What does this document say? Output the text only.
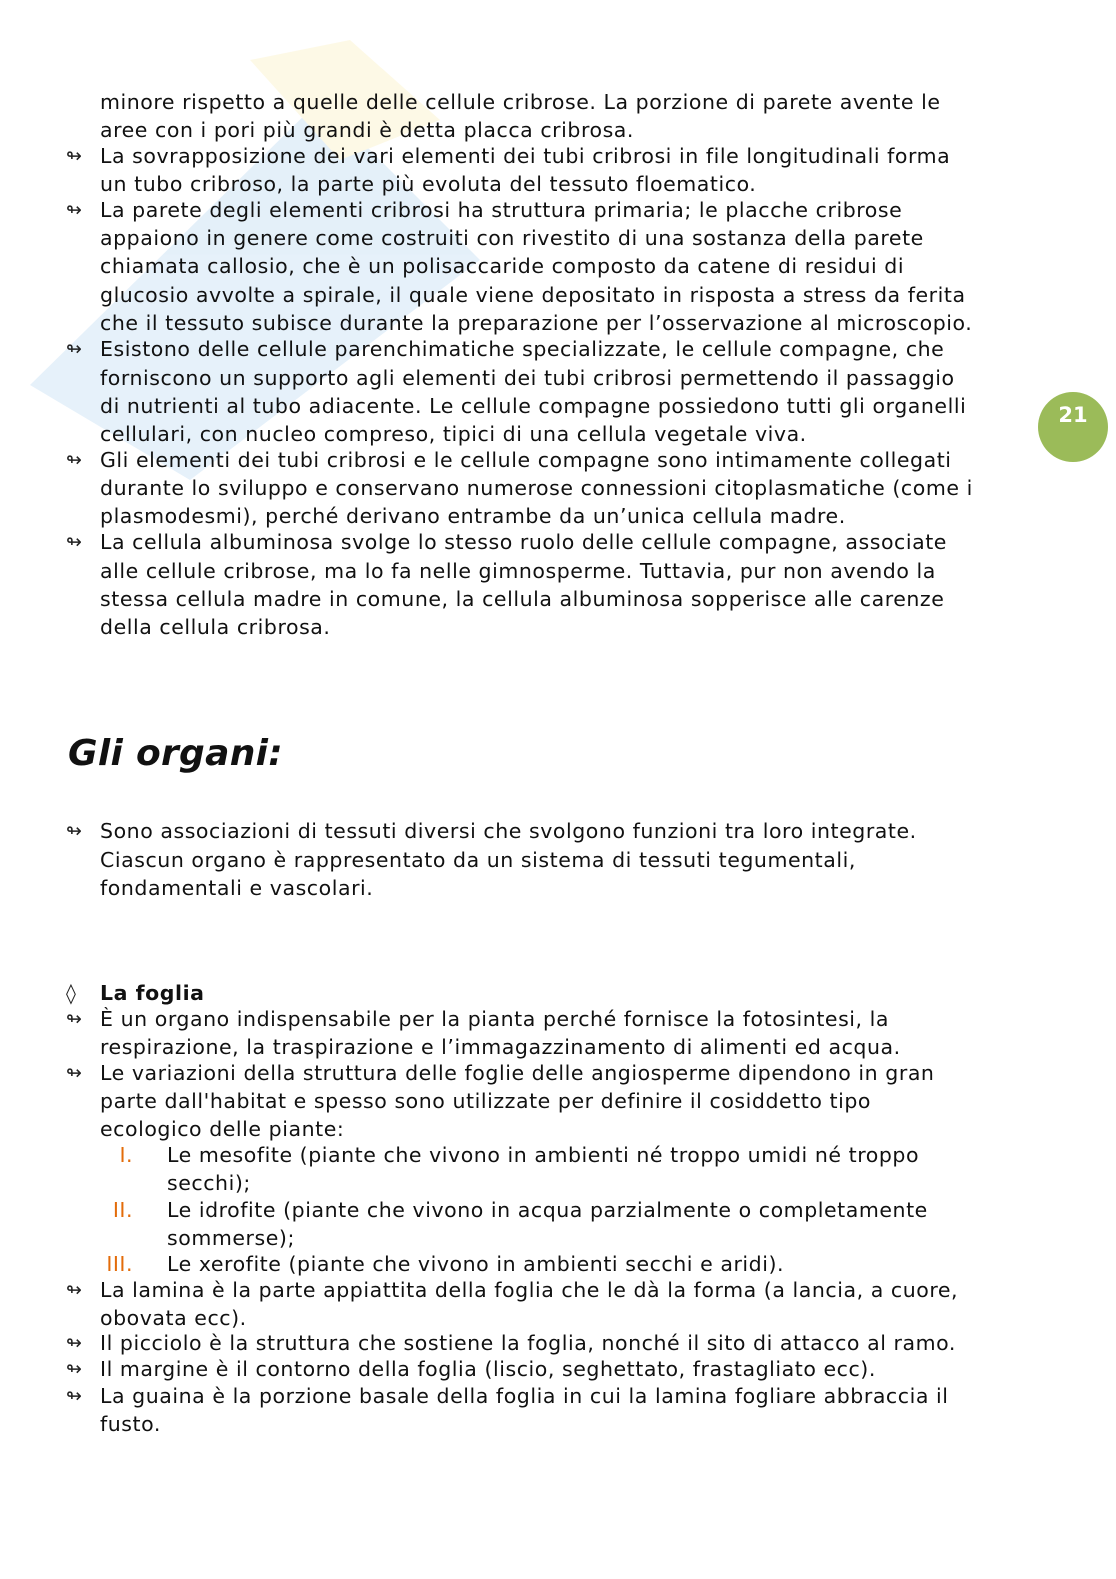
21
minore rispetto a quelle delle cellule cribrose. La porzione di parete avente le
aree con i pori più grandi è detta placca cribrosa.
↬ La sovrapposizione dei vari elementi dei tubi cribrosi in file longitudinali forma
un tubo cribroso, la parte più evoluta del tessuto floematico.
↬ La parete degli elementi cribrosi ha struttura primaria; le placche cribrose
appaiono in genere come costruiti con rivestito di una sostanza della parete
chiamata callosio, che è un polisaccaride composto da catene di residui di
glucosio avvolte a spirale, il quale viene depositato in risposta a stress da ferita
che il tessuto subisce durante la preparazione per l’osservazione al microscopio.
↬ Esistono delle cellule parenchimatiche specializzate, le cellule compagne, che
forniscono un supporto agli elementi dei tubi cribrosi permettendo il passaggio
di nutrienti al tubo adiacente. Le cellule compagne possiedono tutti gli organelli
cellulari, con nucleo compreso, tipici di una cellula vegetale viva.
↬ Gli elementi dei tubi cribrosi e le cellule compagne sono intimamente collegati
durante lo sviluppo e conservano numerose connessioni citoplasmatiche (come i
plasmodesmi), perché derivano entrambe da un’unica cellula madre.
↬ La cellula albuminosa svolge lo stesso ruolo delle cellule compagne, associate
alle cellule cribrose, ma lo fa nelle gimnosperme. Tuttavia, pur non avendo la
stessa cellula madre in comune, la cellula albuminosa sopperisce alle carenze
della cellula cribrosa.
Gli organi:
↬ Sono associazioni di tessuti diversi che svolgono funzioni tra loro integrate.
Ciascun organo è rappresentato da un sistema di tessuti tegumentali,
fondamentali e vascolari.
◊ La foglia
↬ È un organo indispensabile per la pianta perché fornisce la fotosintesi, la
respirazione, la traspirazione e l’immagazzinamento di alimenti ed acqua.
↬ Le variazioni della struttura delle foglie delle angiosperme dipendono in gran
parte dall'habitat e spesso sono utilizzate per definire il cosiddetto tipo
ecologico delle piante:
I. Le mesofite (piante che vivono in ambienti né troppo umidi né troppo
secchi);
II. Le idrofite (piante che vivono in acqua parzialmente o completamente
sommerse);
III. Le xerofite (piante che vivono in ambienti secchi e aridi).
↬ La lamina è la parte appiattita della foglia che le dà la forma (a lancia, a cuore,
obovata ecc).
↬ Il picciolo è la struttura che sostiene la foglia, nonché il sito di attacco al ramo.
↬ Il margine è il contorno della foglia (liscio, seghettato, frastagliato ecc).
↬ La guaina è la porzione basale della foglia in cui la lamina fogliare abbraccia il
fusto.
